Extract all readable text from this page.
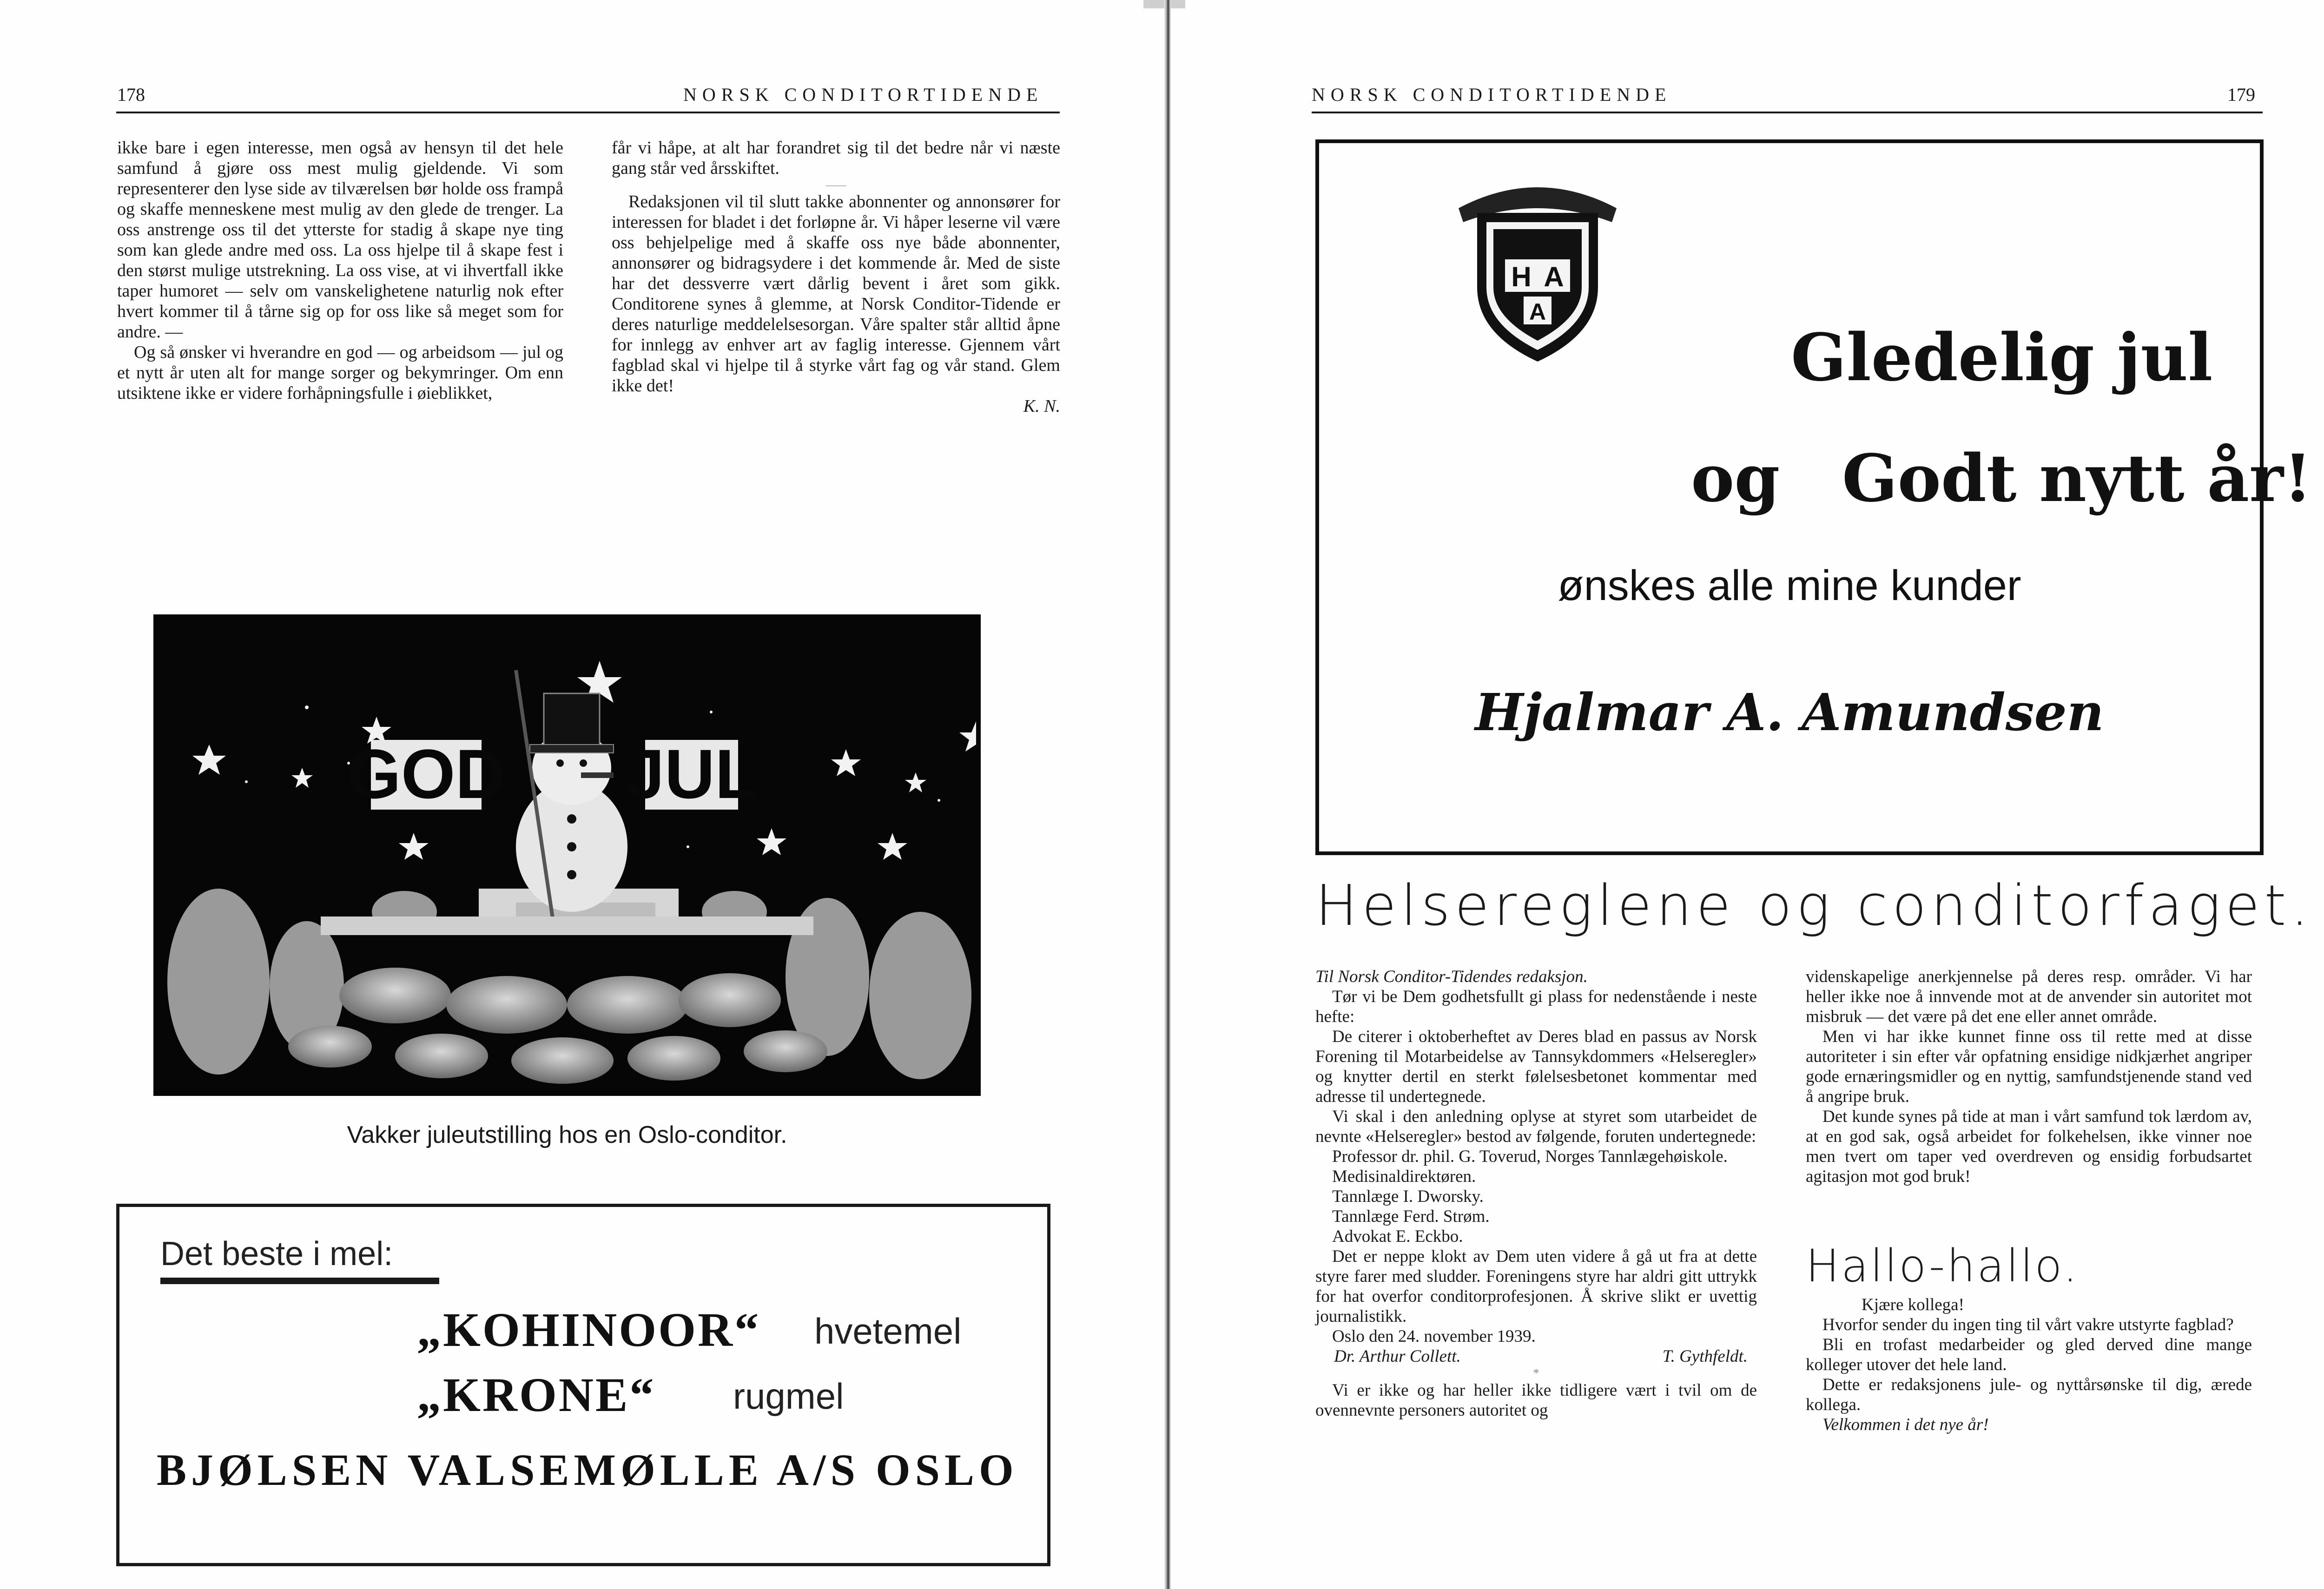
178	NORSK CONDITORTIDENDE

ikke bare i egen interesse, men også av hensyn til det hele samfund å gjøre oss mest mulig gjeldende. Vi som representerer den lyse side av tilværelsen bør holde oss frampå og skaffe menneskene mest mulig av den glede de trenger. La oss anstrenge oss til det ytterste for stadig å skape nye ting som kan glede andre med oss. La oss hjelpe til å skape fest i den størst mulige utstrekning. La oss vise, at vi ihvertfall ikke taper humoret — selv om vanskelighetene naturlig nok efter hvert kommer til å tårne sig op for oss like så meget som for andre. —

Og så ønsker vi hverandre en god — og arbeidsom — jul og et nytt år uten alt for mange sorger og bekymringer. Om enn utsiktene ikke er videre forhåpningsfulle i øieblikket,

får vi håpe, at alt har forandret sig til det bedre når vi næste gang står ved årsskiftet.

——

Redaksjonen vil til slutt takke abonnenter og annonsører for interessen for bladet i det forløpne år. Vi håper leserne vil være oss behjelpelige med å skaffe oss nye både abonnenter, annonsører og bidragsydere i det kommende år. Med de siste har det dessverre vært dårlig bevent i året som gikk. Conditorene synes å glemme, at Norsk Conditor-Tidende er deres naturlige meddelelsesorgan. Våre spalter står alltid åpne for innlegg av enhver art av faglig interesse. Gjennem vårt fagblad skal vi hjelpe til å styrke vårt fag og vår stand. Glem ikke det!

K. N.

GOD JUL
Vakker juleutstilling hos en Oslo-conditor.
Det beste i mel:
„KOHINOOR“ hvetemel
„KRONE“ rugmel
BJØLSEN VALSEMØLLE A/S OSLO
NORSK CONDITORTIDENDE	179
H A
A
Gledelig jul
og Godt nytt år!
ønskes alle mine kunder
Hjalmar A. Amundsen
Helsereglene og conditorfaget.

Til Norsk Conditor-Tidendes redaksjon.

Tør vi be Dem godhetsfullt gi plass for nedenstående i neste hefte:

De citerer i oktoberheftet av Deres blad en passus av Norsk Forening til Motarbeidelse av Tannsykdommers «Helseregler» og knytter dertil en sterkt følelsesbetonet kommentar med adresse til undertegnede.

Vi skal i den anledning oplyse at styret som utarbeidet de nevnte «Helseregler» bestod av følgende, foruten undertegnede:

Professor dr. phil. G. Toverud, Norges Tannlægehøiskole.

Medisinaldirektøren.

Tannlæge I. Dworsky.

Tannlæge Ferd. Strøm.

Advokat E. Eckbo.

Det er neppe klokt av Dem uten videre å gå ut fra at dette styre farer med sludder. Foreningens styre har aldri gitt uttrykk for hat overfor conditorprofesjonen. Å skrive slikt er uvettig journalistikk.

Oslo den 24. november 1939.

Dr. Arthur Collett.	T. Gythfeldt.

*

Vi er ikke og har heller ikke tidligere vært i tvil om de ovennevnte personers autoritet og

videnskapelige anerkjennelse på deres resp. områder. Vi har heller ikke noe å innvende mot at de anvender sin autoritet mot misbruk — det være på det ene eller annet område.

Men vi har ikke kunnet finne oss til rette med at disse autoriteter i sin efter vår opfatning ensidige nidkjærhet angriper gode ernæringsmidler og en nyttig, samfundstjenende stand ved å angripe bruk.

Det kunde synes på tide at man i vårt samfund tok lærdom av, at en god sak, også arbeidet for folkehelsen, ikke vinner noe men tvert om taper ved overdreven og ensidig forbudsartet agitasjon mot god bruk!

Hallo-hallo.

Kjære kollega!

Hvorfor sender du ingen ting til vårt vakre utstyrte fagblad?

Bli en trofast medarbeider og gled derved dine mange kolleger utover det hele land.

Dette er redaksjonens jule- og nyttårsønske til dig, ærede kollega.

Velkommen i det nye år!
